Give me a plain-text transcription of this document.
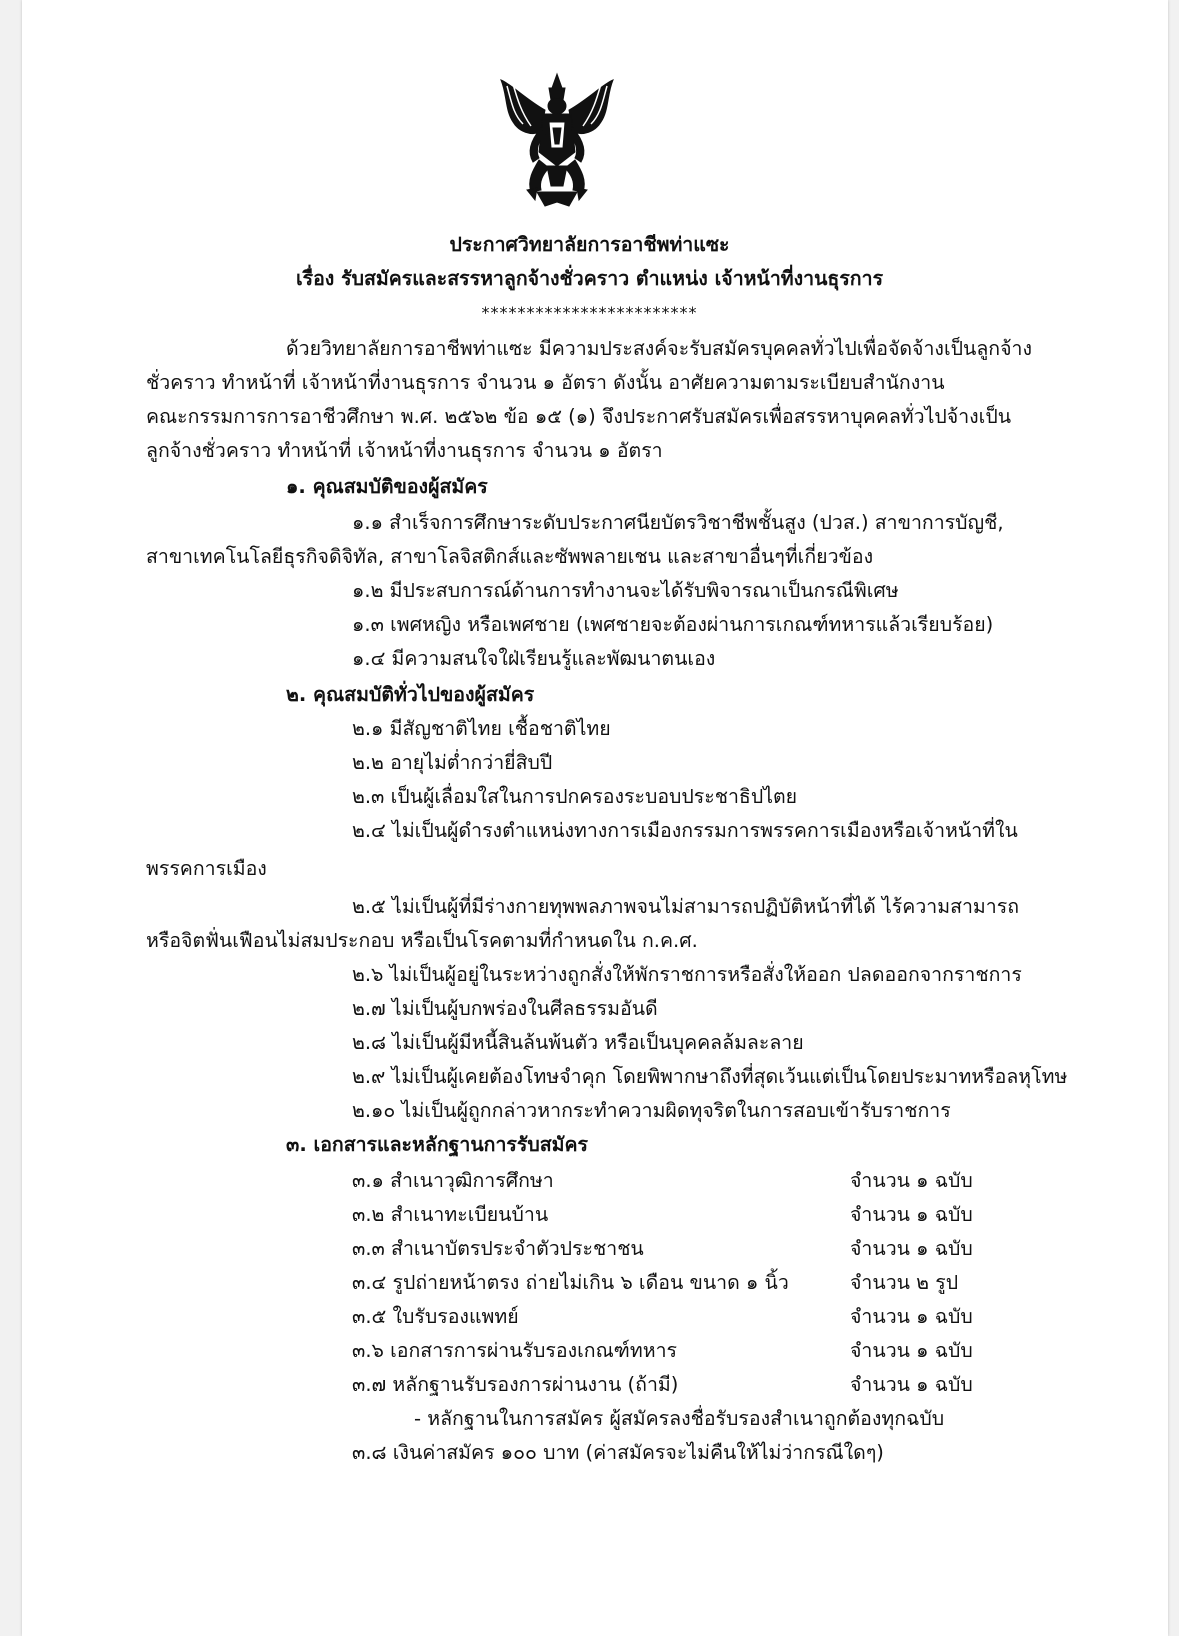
ประกาศวิทยาลัยการอาชีพท่าแซะ
เรื่อง รับสมัครและสรรหาลูกจ้างชั่วคราว ตำแหน่ง เจ้าหน้าที่งานธุรการ
************************
ด้วยวิทยาลัยการอาชีพท่าแซะ มีความประสงค์จะรับสมัครบุคคลทั่วไปเพื่อจัดจ้างเป็นลูกจ้าง
ชั่วคราว ทำหน้าที่ เจ้าหน้าที่งานธุรการ จำนวน ๑ อัตรา ดังนั้น อาศัยความตามระเบียบสำนักงาน
คณะกรรมการการอาชีวศึกษา พ.ศ. ๒๕๖๒ ข้อ ๑๕ (๑) จึงประกาศรับสมัครเพื่อสรรหาบุคคลทั่วไปจ้างเป็น
ลูกจ้างชั่วคราว ทำหน้าที่ เจ้าหน้าที่งานธุรการ จำนวน ๑ อัตรา
๑. คุณสมบัติของผู้สมัคร
๑.๑ สำเร็จการศึกษาระดับประกาศนียบัตรวิชาชีพชั้นสูง (ปวส.) สาขาการบัญชี,
สาขาเทคโนโลยีธุรกิจดิจิทัล, สาขาโลจิสติกส์และซัพพลายเชน และสาขาอื่นๆที่เกี่ยวข้อง
๑.๒ มีประสบการณ์ด้านการทำงานจะได้รับพิจารณาเป็นกรณีพิเศษ
๑.๓ เพศหญิง หรือเพศชาย (เพศชายจะต้องผ่านการเกณฑ์ทหารแล้วเรียบร้อย)
๑.๔ มีความสนใจใฝ่เรียนรู้และพัฒนาตนเอง
๒. คุณสมบัติทั่วไปของผู้สมัคร
๒.๑ มีสัญชาติไทย เชื้อชาติไทย
๒.๒ อายุไม่ต่ำกว่ายี่สิบปี
๒.๓ เป็นผู้เลื่อมใสในการปกครองระบอบประชาธิปไตย
๒.๔ ไม่เป็นผู้ดำรงตำแหน่งทางการเมืองกรรมการพรรคการเมืองหรือเจ้าหน้าที่ใน
พรรคการเมือง
๒.๕ ไม่เป็นผู้ที่มีร่างกายทุพพลภาพจนไม่สามารถปฏิบัติหน้าที่ได้ ไร้ความสามารถ
หรือจิตฟั่นเฟือนไม่สมประกอบ หรือเป็นโรคตามที่กำหนดใน ก.ค.ศ.
๒.๖ ไม่เป็นผู้อยู่ในระหว่างถูกสั่งให้พักราชการหรือสั่งให้ออก ปลดออกจากราชการ
๒.๗ ไม่เป็นผู้บกพร่องในศีลธรรมอันดี
๒.๘ ไม่เป็นผู้มีหนี้สินล้นพ้นตัว หรือเป็นบุคคลล้มละลาย
๒.๙ ไม่เป็นผู้เคยต้องโทษจำคุก โดยพิพากษาถึงที่สุดเว้นแต่เป็นโดยประมาทหรือลหุโทษ
๒.๑๐ ไม่เป็นผู้ถูกกล่าวหากระทำความผิดทุจริตในการสอบเข้ารับราชการ
๓. เอกสารและหลักฐานการรับสมัคร
๓.๑ สำเนาวุฒิการศึกษา	จำนวน ๑ ฉบับ
๓.๒ สำเนาทะเบียนบ้าน	จำนวน ๑ ฉบับ
๓.๓ สำเนาบัตรประจำตัวประชาชน	จำนวน ๑ ฉบับ
๓.๔ รูปถ่ายหน้าตรง ถ่ายไม่เกิน ๖ เดือน ขนาด ๑ นิ้ว	จำนวน ๒ รูป
๓.๕ ใบรับรองแพทย์	จำนวน ๑ ฉบับ
๓.๖ เอกสารการผ่านรับรองเกณฑ์ทหาร	จำนวน ๑ ฉบับ
๓.๗ หลักฐานรับรองการผ่านงาน (ถ้ามี)	จำนวน ๑ ฉบับ
- หลักฐานในการสมัคร ผู้สมัครลงชื่อรับรองสำเนาถูกต้องทุกฉบับ
๓.๘ เงินค่าสมัคร ๑๐๐ บาท (ค่าสมัครจะไม่คืนให้ไม่ว่ากรณีใดๆ)
